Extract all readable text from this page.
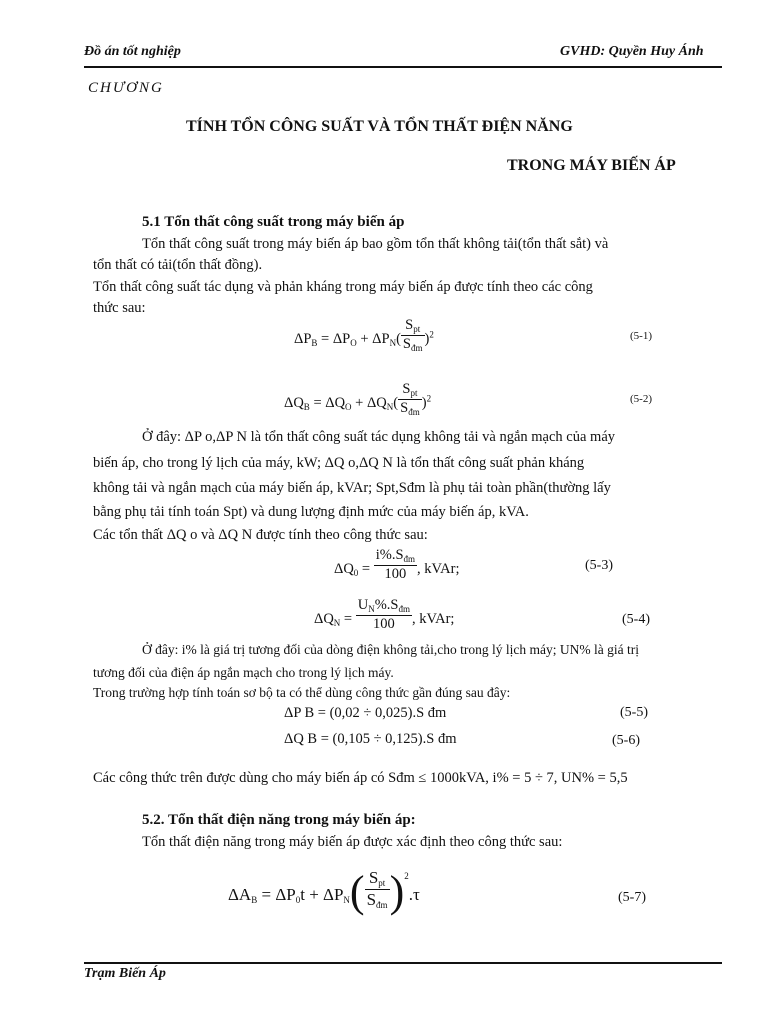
Đồ án tốt nghiệp	GVHD: Quyền Huy Ánh
CHƯƠNG
TÍNH TỔN CÔNG SUẤT VÀ TỔN THẤT ĐIỆN NĂNG
TRONG MÁY BIẾN ÁP
5.1 Tổn thất công suất trong máy biến áp
Tổn thất công suất trong máy biến áp bao gồm tổn thất không tải(tổn thất sắt) và
tổn thất có tải(tổn thất đồng).
Tổn thất công suất tác dụng và phản kháng trong máy biến áp được tính theo các công
thức sau:
$\Delta P_B = \Delta P_O + \Delta P_N( \frac{S_{pt}}{S_{đm}} )^2$	(5-1)
$\Delta Q_B = \Delta Q_O + \Delta Q_N( \frac{S_{pt}}{S_{đm}} )^2$	(5-2)
Ở đây: ΔP o,ΔP N là tổn thất công suất tác dụng không tải và ngắn mạch của máy
biến áp, cho trong lý lịch của máy, kW; ΔQ o,ΔQ N là tổn thất công suất phản kháng
không tải và ngắn mạch của máy biến áp, kVAr; Spt,Sđm là phụ tải toàn phần(thường lấy
bằng phụ tải tính toán Spt) và dung lượng định mức của máy biến áp, kVA.
Các tổn thất ΔQ o và ΔQ N được tính theo công thức sau:
$\Delta Q_0 = \frac{i\%.S_{đm}}{100}$ , kVAr;	(5-3)
$\Delta Q_N = \frac{U_N\%.S_{đm}}{100}$ , kVAr;	(5-4)
Ở đây: i% là giá trị tương đối của dòng điện không tải,cho trong lý lịch máy; UN% là giá trị
tương đối của điện áp ngắn mạch cho trong lý lịch máy.
Trong trường hợp tính toán sơ bộ ta có thể dùng công thức gần đúng sau đây:
ΔP B = (0,02 ÷ 0,025).S đm	(5-5)
ΔQ B = (0,105 ÷ 0,125).S đm	(5-6)
Các công thức trên được dùng cho máy biến áp có Sđm ≤ 1000kVA, i% = 5 ÷ 7, UN% = 5,5
5.2. Tổn thất điện năng trong máy biến áp:
Tổn thất điện năng trong máy biến áp được xác định theo công thức sau:
$\Delta A_B = \Delta P_0t + \Delta P_N( \frac{S_{pt}}{S_{đm}} )^2.\tau$	(5-7)
Trạm Biến Áp
